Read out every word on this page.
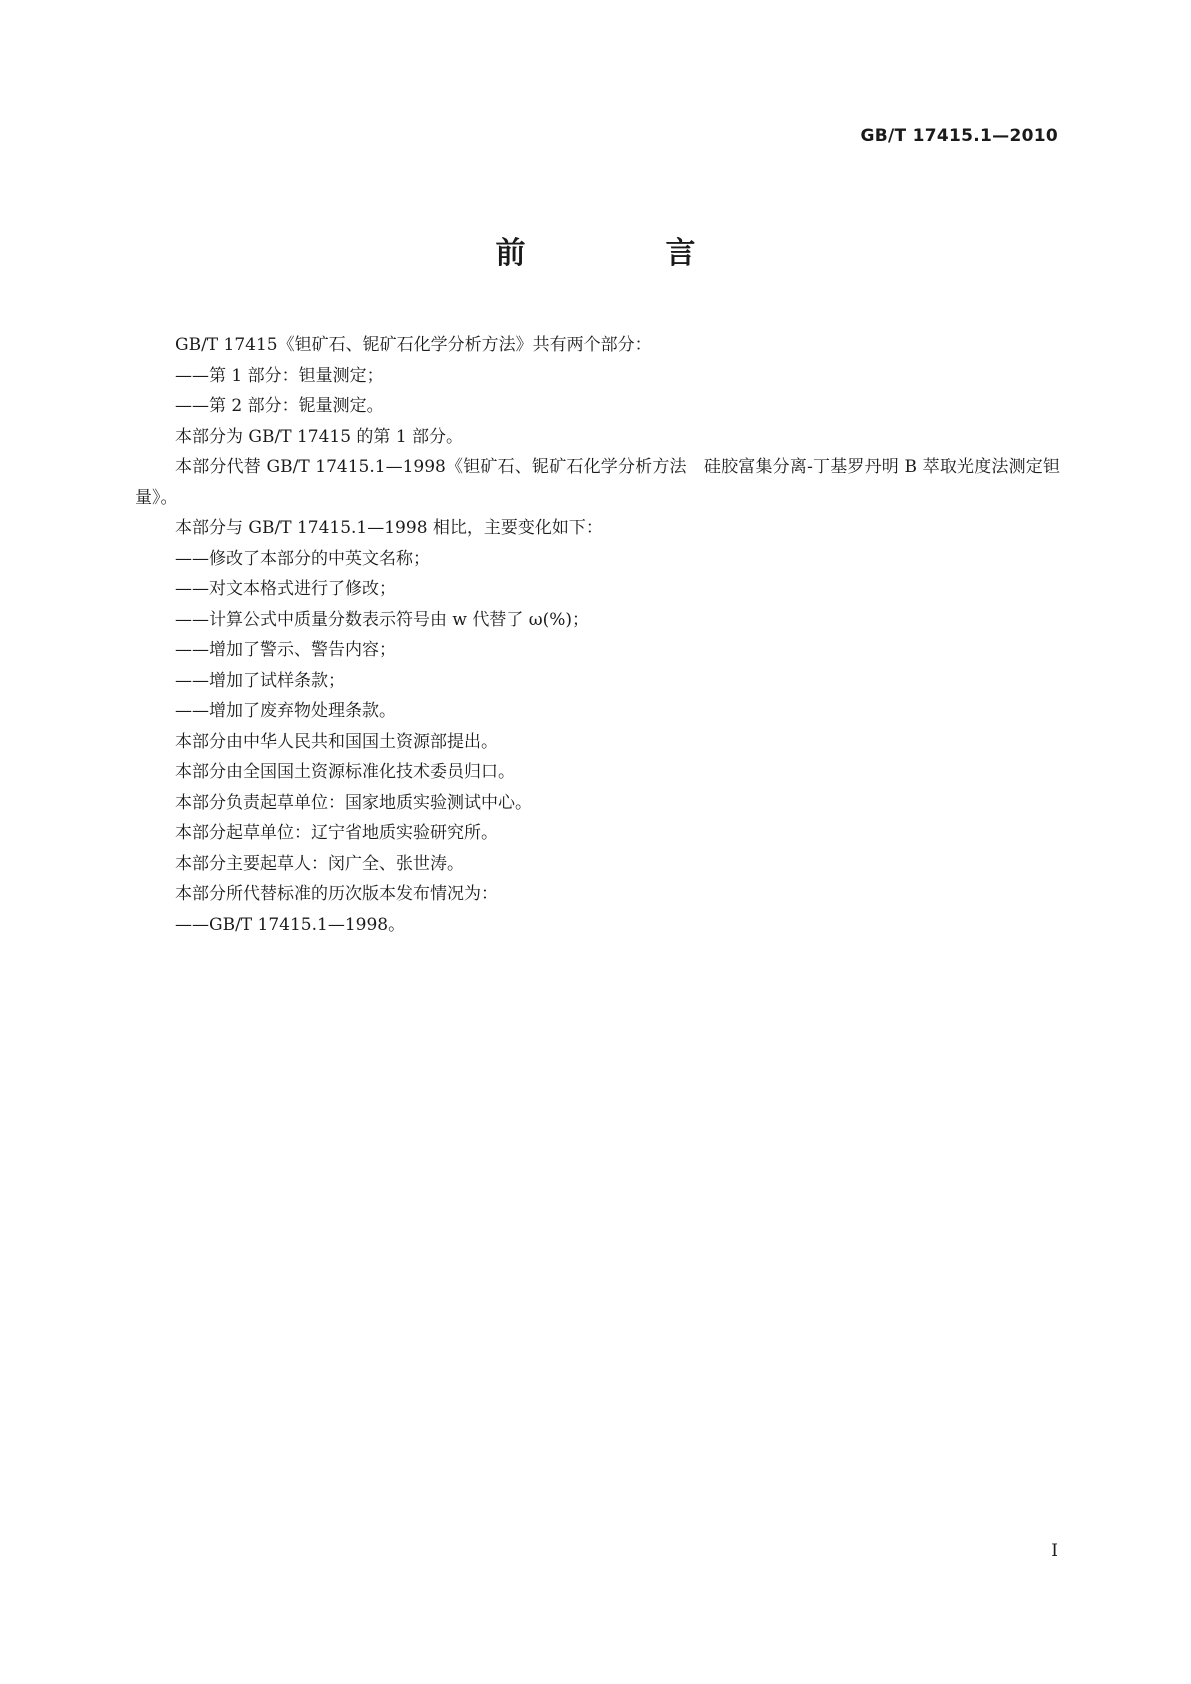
GB/T 17415.1—2010
前　言

GB/T 17415《钽矿石、铌矿石化学分析方法》共有两个部分：

——第 1 部分：钽量测定；

——第 2 部分：铌量测定。

本部分为 GB/T 17415 的第 1 部分。

本部分代替 GB/T 17415.1—1998《钽矿石、铌矿石化学分析方法　硅胶富集分离-丁基罗丹明 B 萃取光度法测定钽量》。

本部分与 GB/T 17415.1—1998 相比，主要变化如下：

——修改了本部分的中英文名称；

——对文本格式进行了修改；

——计算公式中质量分数表示符号由 w 代替了 ω(%)；

——增加了警示、警告内容；

——增加了试样条款；

——增加了废弃物处理条款。

本部分由中华人民共和国国土资源部提出。

本部分由全国国土资源标准化技术委员归口。

本部分负责起草单位：国家地质实验测试中心。

本部分起草单位：辽宁省地质实验研究所。

本部分主要起草人：闵广全、张世涛。

本部分所代替标准的历次版本发布情况为：

——GB/T 17415.1—1998。

I
